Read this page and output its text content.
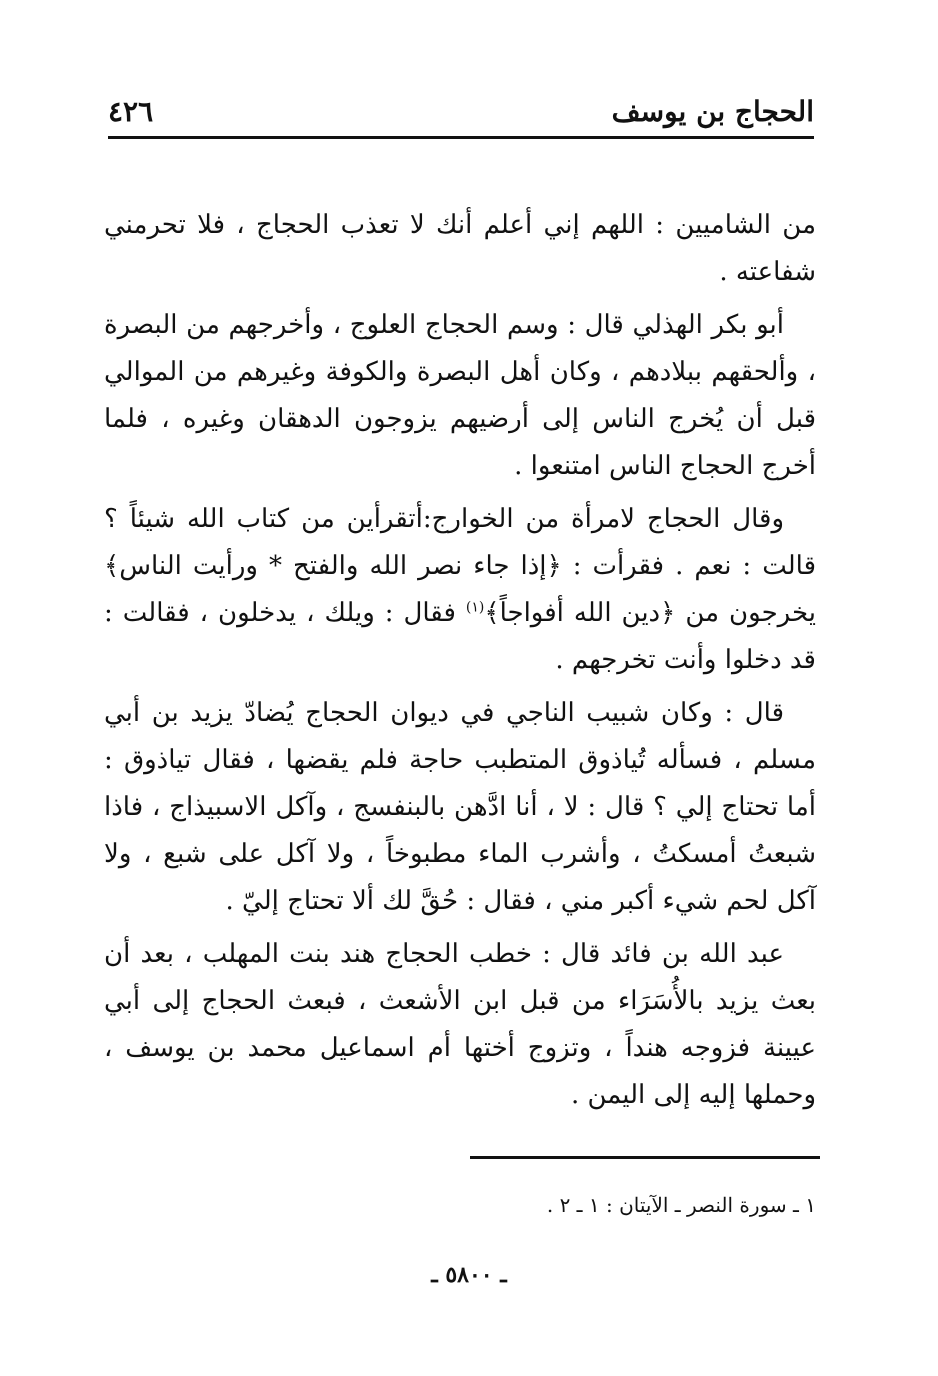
٤٢٦	الحجاج بن يوسف

من الشاميين : اللهم إني أعلم أنك لا تعذب الحجاج ، فلا تحرمني شفاعته .

أبو بكر الهذلي قال : وسم الحجاج العلوج ، وأخرجهم من البصرة ، وألحقهم ببلادهم ، وكان أهل البصرة والكوفة وغيرهم من الموالي قبل أن يُخرج الناس إلى أرضيهم يزوجون الدهقان وغيره ، فلما أخرج الحجاج الناس امتنعوا .

وقال الحجاج لامرأة من الخوارج:أتقرأين من كتاب الله شيئاً ؟ قالت : نعم . فقرأت : ﴿إذا جاء نصر الله والفتح * ورأيت الناس﴾ يخرجون من ﴿دين الله أفواجاً﴾$^{(١)}$ فقال : ويلك ، يدخلون ، فقالت : قد دخلوا وأنت تخرجهم .

قال : وكان شبيب الناجي في ديوان الحجاج يُضادّ يزيد بن أبي مسلم ، فسأله تُياذوق المتطبب حاجة فلم يقضها ، فقال تياذوق : أما تحتاج إلي ؟ قال : لا ، أنا ادَّهن بالبنفسج ، وآكل الاسبيذاج ، فاذا شبعتُ أمسكتُ ، وأشرب الماء مطبوخاً ، ولا آكل على شبع ، ولا آكل لحم شيء أكبر مني ، فقال : حُقَّ لك ألا تحتاج إليّ .

عبد الله بن فائد قال : خطب الحجاج هند بنت المهلب ، بعد أن بعث يزيد بالأُسَرَاء من قبل ابن الأشعث ، فبعث الحجاج إلى أبي عيينة فزوجه هنداً ، وتزوج أختها أم اسماعيل محمد بن يوسف ، وحملها إليه إلى اليمن .

١ ـ سورة النصر ـ الآيتان : ١ ـ ٢ .
ـ ٥٨٠٠ ـ
